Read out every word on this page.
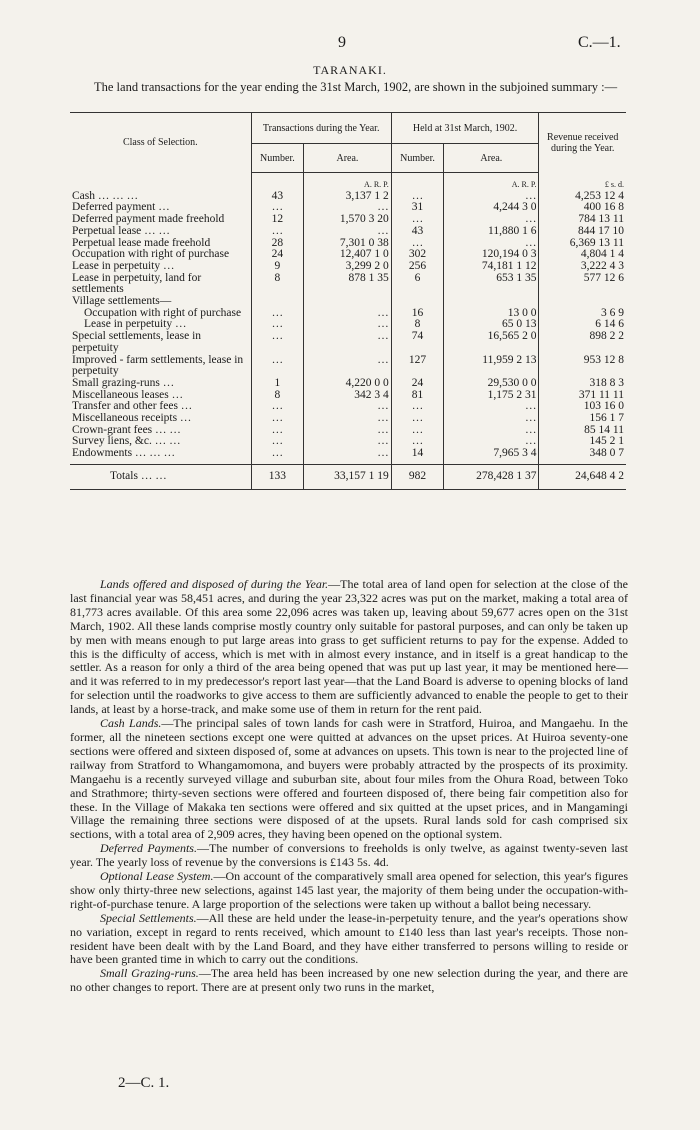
9	C.—1.
TARANAKI.
The land transactions for the year ending the 31st March, 1902, are shown in the subjoined summary :—
Class of Selection.	Transactions during the Year.		Held at 31st March, 1902.		Revenue received during the Year.
	Number.	Area.	Number.	Area.	
		A. R. P.		A. R. P.	£ s. d.
Cash … … …	43	3,137 1 2	…	…	4,253 12 4
Deferred payment …	…	…	31	4,244 3 0	400 16 8
Deferred payment made freehold	12	1,570 3 20	…	…	784 13 11
Perpetual lease … …	…	…	43	11,880 1 6	844 17 10
Perpetual lease made freehold	28	7,301 0 38	…	…	6,369 13 11
Occupation with right of purchase	24	12,407 1 0	302	120,194 0 3	4,804 1 4
Lease in perpetuity …	9	3,299 2 0	256	74,181 1 12	3,222 4 3
Lease in perpetuity, land for settlements	8	878 1 35	6	653 1 35	577 12 6
Village settlements—					
Occupation with right of purchase	…	…	16	13 0 0	3 6 9
Lease in perpetuity …	…	…	8	65 0 13	6 14 6
Special settlements, lease in perpetuity	…	…	74	16,565 2 0	898 2 2
Improved - farm settlements, lease in perpetuity	…	…	127	11,959 2 13	953 12 8
Small grazing-runs …	1	4,220 0 0	24	29,530 0 0	318 8 3
Miscellaneous leases …	8	342 3 4	81	1,175 2 31	371 11 11
Transfer and other fees …	…	…	…	…	103 16 0
Miscellaneous receipts …	…	…	…	…	156 1 7
Crown-grant fees … …	…	…	…	…	85 14 11
Survey liens, &c. … …	…	…	…	…	145 2 1
Endowments … … …	…	…	14	7,965 3 4	348 0 7

Totals … …	133	33,157 1 19	982	278,428 1 37	24,648 4 2

Lands offered and disposed of during the Year.—The total area of land open for selection at the close of the last financial year was 58,451 acres, and during the year 23,322 acres was put on the market, making a total area of 81,773 acres available. Of this area some 22,096 acres was taken up, leaving about 59,677 acres open on the 31st March, 1902. All these lands comprise mostly country only suitable for pastoral purposes, and can only be taken up by men with means enough to put large areas into grass to get sufficient returns to pay for the expense. Added to this is the difficulty of access, which is met with in almost every instance, and in itself is a great handicap to the settler. As a reason for only a third of the area being opened that was put up last year, it may be mentioned here—and it was referred to in my predecessor's report last year—that the Land Board is adverse to opening blocks of land for selection until the roadworks to give access to them are sufficiently advanced to enable the people to get to their lands, at least by a horse-track, and make some use of them in return for the rent paid.

Cash Lands.—The principal sales of town lands for cash were in Stratford, Huiroa, and Mangaehu. In the former, all the nineteen sections except one were quitted at advances on the upset prices. At Huiroa seventy-one sections were offered and sixteen disposed of, some at advances on upsets. This town is near to the projected line of railway from Stratford to Whangamomona, and buyers were probably attracted by the prospects of its proximity. Mangaehu is a recently surveyed village and suburban site, about four miles from the Ohura Road, between Toko and Strathmore; thirty-seven sections were offered and fourteen disposed of, there being fair competition also for these. In the Village of Makaka ten sections were offered and six quitted at the upset prices, and in Mangamingi Village the remaining three sections were disposed of at the upsets. Rural lands sold for cash comprised six sections, with a total area of 2,909 acres, they having been opened on the optional system.

Deferred Payments.—The number of conversions to freeholds is only twelve, as against twenty-seven last year. The yearly loss of revenue by the conversions is £143 5s. 4d.

Optional Lease System.—On account of the comparatively small area opened for selection, this year's figures show only thirty-three new selections, against 145 last year, the majority of them being under the occupation-with-right-of-purchase tenure. A large proportion of the selections were taken up without a ballot being necessary.

Special Settlements.—All these are held under the lease-in-perpetuity tenure, and the year's operations show no variation, except in regard to rents received, which amount to £140 less than last year's receipts. Those non-resident have been dealt with by the Land Board, and they have either transferred to persons willing to reside or have been granted time in which to carry out the conditions.

Small Grazing-runs.—The area held has been increased by one new selection during the year, and there are no other changes to report. There are at present only two runs in the market,

2—C. 1.
